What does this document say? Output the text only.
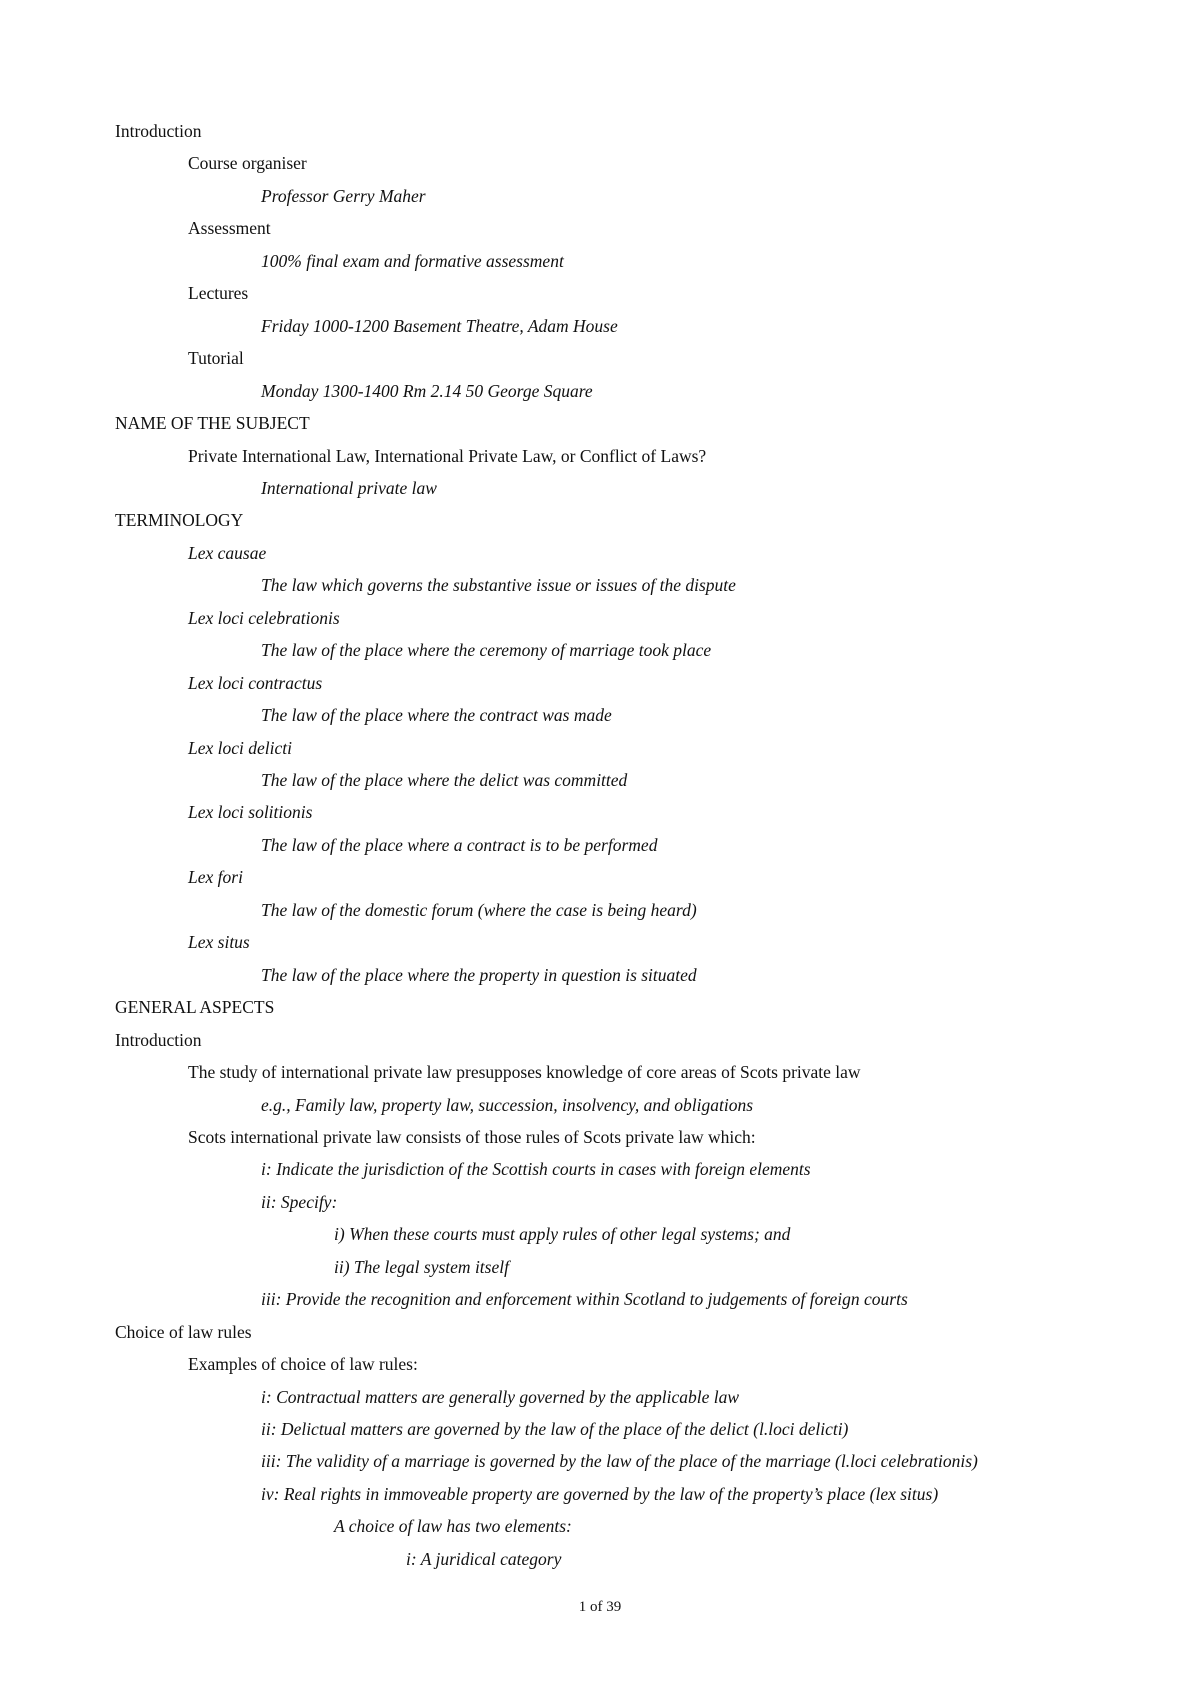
Introduction
Course organiser
Professor Gerry Maher
Assessment
100% final exam and formative assessment
Lectures
Friday 1000-1200 Basement Theatre, Adam House
Tutorial
Monday 1300-1400 Rm 2.14 50 George Square
NAME OF THE SUBJECT
Private International Law, International Private Law, or Conflict of Laws?
International private law
TERMINOLOGY
Lex causae
The law which governs the substantive issue or issues of the dispute
Lex loci celebrationis
The law of the place where the ceremony of marriage took place
Lex loci contractus
The law of the place where the contract was made
Lex loci delicti
The law of the place where the delict was committed
Lex loci solitionis
The law of the place where a contract is to be performed
Lex fori
The law of the domestic forum (where the case is being heard)
Lex situs
The law of the place where the property in question is situated
GENERAL ASPECTS
Introduction
The study of international private law presupposes knowledge of core areas of Scots private law
e.g., Family law, property law, succession, insolvency, and obligations
Scots international private law consists of those rules of Scots private law which:
i: Indicate the jurisdiction of the Scottish courts in cases with foreign elements
ii: Specify:
i) When these courts must apply rules of other legal systems; and
ii) The legal system itself
iii: Provide the recognition and enforcement within Scotland to judgements of foreign courts
Choice of law rules
Examples of choice of law rules:
i: Contractual matters are generally governed by the applicable law
ii: Delictual matters are governed by the law of the place of the delict (l.loci delicti)
iii: The validity of a marriage is governed by the law of the place of the marriage (l.loci celebrationis)
iv: Real rights in immoveable property are governed by the law of the property’s place (lex situs)
A choice of law has two elements:
i: A juridical category
1 of 39
